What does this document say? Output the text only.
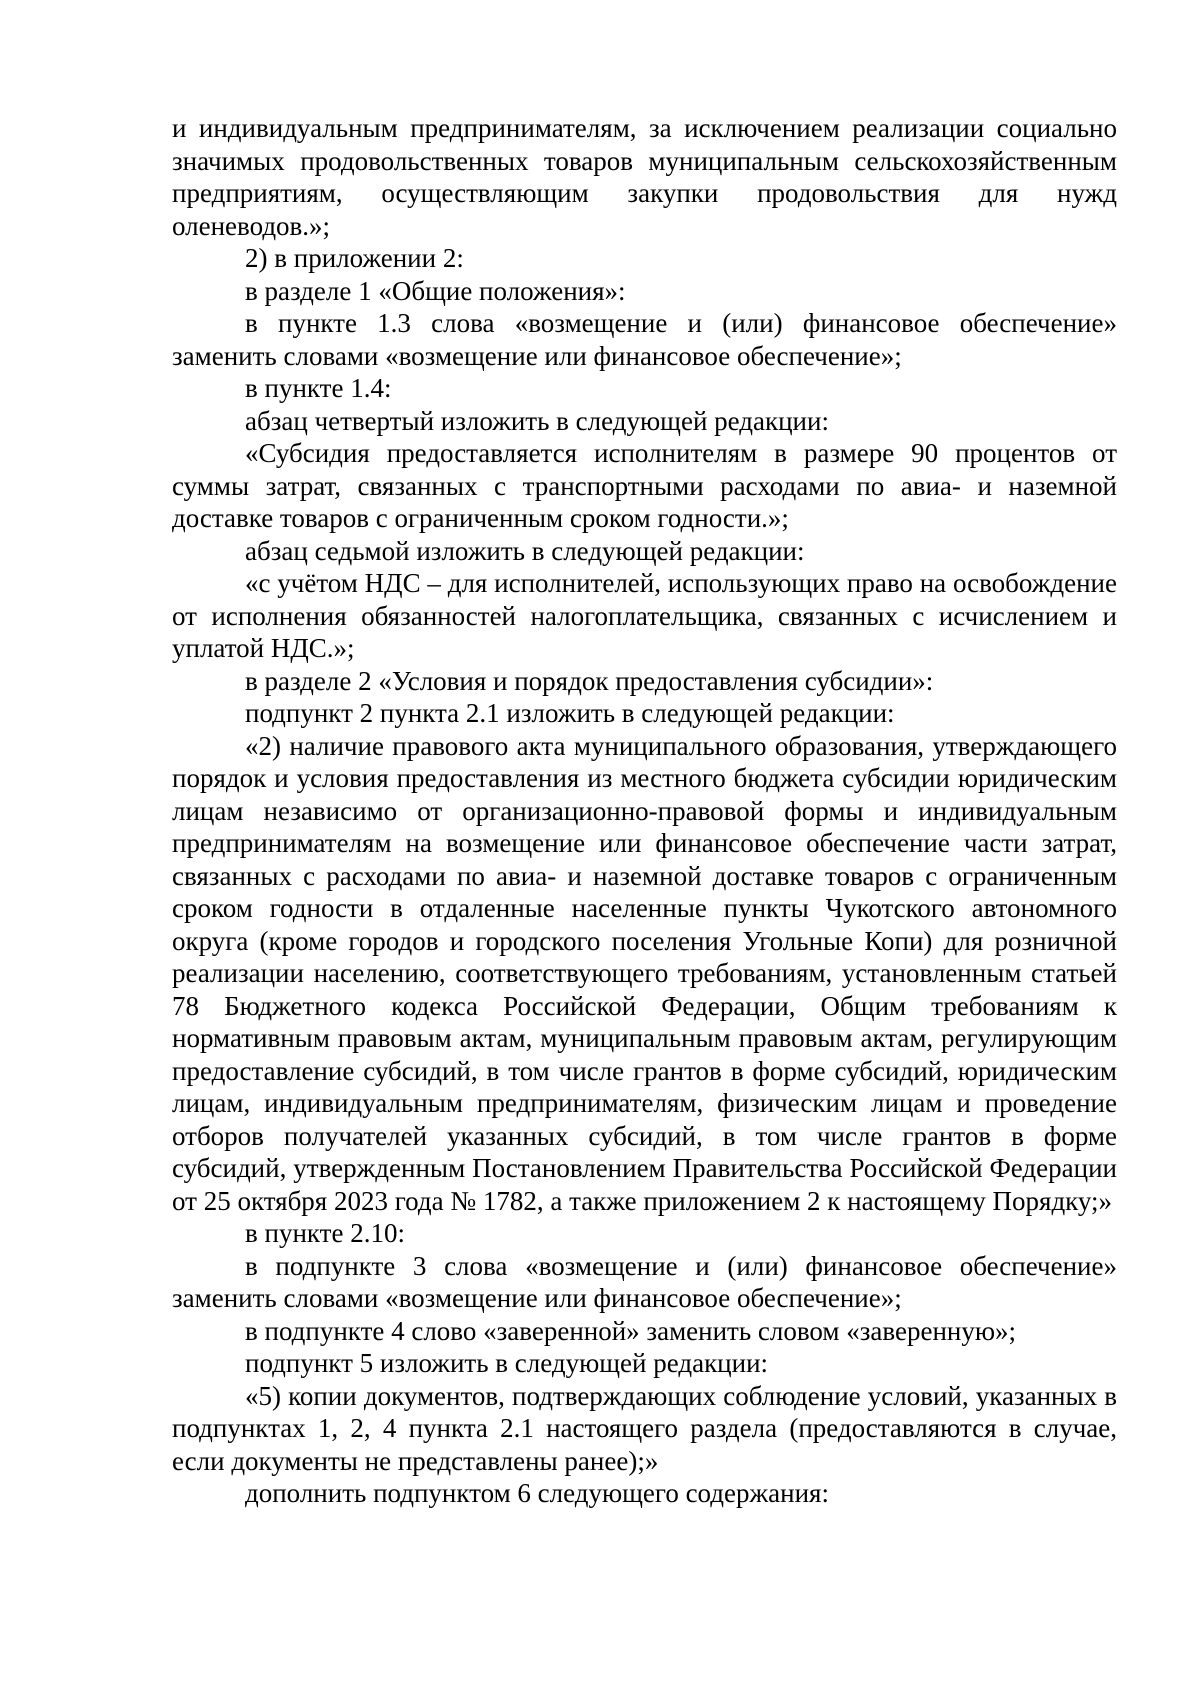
и индивидуальным предпринимателям, за исключением реализации социально значимых продовольственных товаров муниципальным сельскохозяйственным предприятиям, осуществляющим закупки продовольствия для нужд оленеводов.»;

2) в приложении 2:

в разделе 1 «Общие положения»:

в пункте 1.3 слова «возмещение и (или) финансовое обеспечение» заменить словами «возмещение или финансовое обеспечение»;

в пункте 1.4:

абзац четвертый изложить в следующей редакции:

«Субсидия предоставляется исполнителям в размере 90 процентов от суммы затрат, связанных с транспортными расходами по авиа- и наземной доставке товаров с ограниченным сроком годности.»;

абзац седьмой изложить в следующей редакции:

«с учётом НДС – для исполнителей, использующих право на освобождение от исполнения обязанностей налогоплательщика, связанных с исчислением и уплатой НДС.»;

в разделе 2 «Условия и порядок предоставления субсидии»:

подпункт 2 пункта 2.1 изложить в следующей редакции:

«2) наличие правового акта муниципального образования, утверждающего порядок и условия предоставления из местного бюджета субсидии юридическим лицам независимо от организационно-правовой формы и индивидуальным предпринимателям на возмещение или финансовое обеспечение части затрат, связанных с расходами по авиа- и наземной доставке товаров с ограниченным сроком годности в отдаленные населенные пункты Чукотского автономного округа (кроме городов и городского поселения Угольные Копи) для розничной реализации населению, соответствующего требованиям, установленным статьей 78 Бюджетного кодекса Российской Федерации, Общим требованиям к нормативным правовым актам, муниципальным правовым актам, регулирующим предоставление субсидий, в том числе грантов в форме субсидий, юридическим лицам, индивидуальным предпринимателям, физическим лицам и проведение отборов получателей указанных субсидий, в том числе грантов в форме субсидий, утвержденным Постановлением Правительства Российской Федерации от 25 октября 2023 года № 1782, а также приложением 2 к настоящему Порядку;»

в пункте 2.10:

в подпункте 3 слова «возмещение и (или) финансовое обеспечение» заменить словами «возмещение или финансовое обеспечение»;

в подпункте 4 слово «заверенной» заменить словом «заверенную»;

подпункт 5 изложить в следующей редакции:

«5) копии документов, подтверждающих соблюдение условий, указанных в подпунктах 1, 2, 4 пункта 2.1 настоящего раздела (предоставляются в случае, если документы не представлены ранее);»

дополнить подпунктом 6 следующего содержания:
